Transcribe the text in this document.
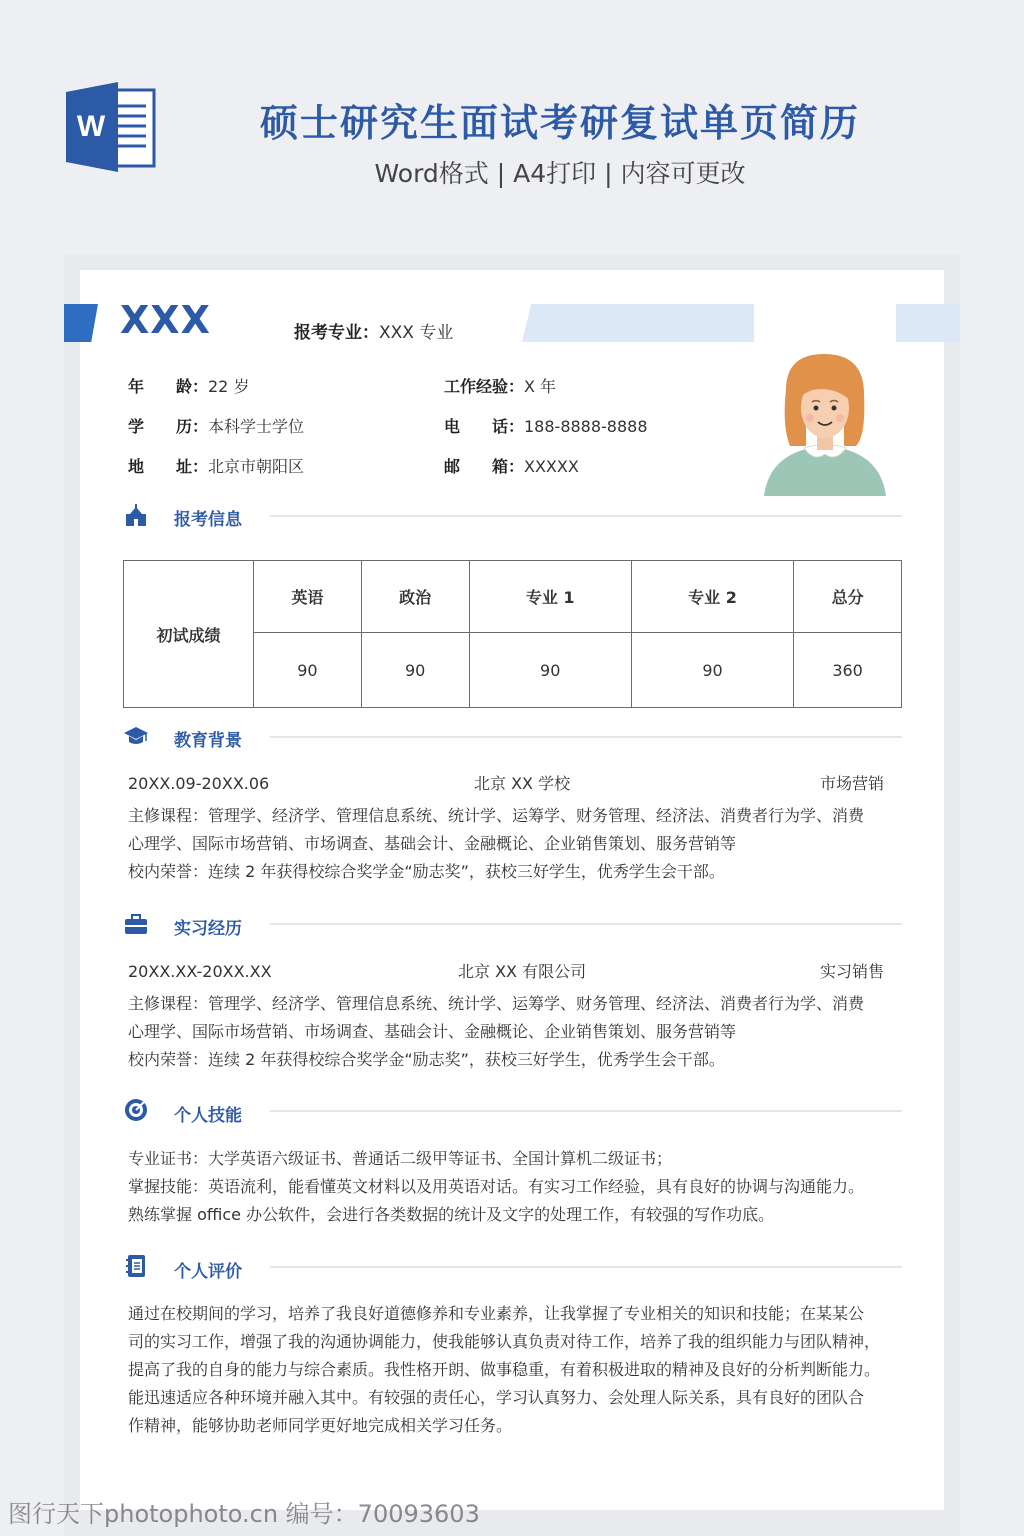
W	硕士研究生面试考研复试单页简历
Word格式 | A4打印 | 内容可更改
XXX	报考专业：XXX 专业
年　　龄：22 岁
学　　历：本科学士学位
地　　址：北京市朝阳区
工作经验：X 年
电　　话：188-8888-8888
邮　　箱：XXXXX
报考信息
初试成绩	英语	政治	专业 1	专业 2	总分
	90	90	90	90	360
教育背景
20XX.09-20XX.06	北京 XX 学校	市场营销
主修课程：管理学、经济学、管理信息系统、统计学、运筹学、财务管理、经济法、消费者行为学、消费
心理学、国际市场营销、市场调查、基础会计、金融概论、企业销售策划、服务营销等
校内荣誉：连续 2 年获得校综合奖学金“励志奖”，获校三好学生，优秀学生会干部。
实习经历
20XX.XX-20XX.XX	北京 XX 有限公司	实习销售
主修课程：管理学、经济学、管理信息系统、统计学、运筹学、财务管理、经济法、消费者行为学、消费
心理学、国际市场营销、市场调查、基础会计、金融概论、企业销售策划、服务营销等
校内荣誉：连续 2 年获得校综合奖学金“励志奖”，获校三好学生，优秀学生会干部。
个人技能
专业证书：大学英语六级证书、普通话二级甲等证书、全国计算机二级证书；
掌握技能：英语流利，能看懂英文材料以及用英语对话。有实习工作经验，具有良好的协调与沟通能力。
熟练掌握 office 办公软件，会进行各类数据的统计及文字的处理工作，有较强的写作功底。
个人评价
通过在校期间的学习，培养了我良好道德修养和专业素养，让我掌握了专业相关的知识和技能；在某某公
司的实习工作，增强了我的沟通协调能力，使我能够认真负责对待工作，培养了我的组织能力与团队精神，
提高了我的自身的能力与综合素质。我性格开朗、做事稳重，有着积极进取的精神及良好的分析判断能力。
能迅速适应各种环境并融入其中。有较强的责任心，学习认真努力、会处理人际关系，具有良好的团队合
作精神，能够协助老师同学更好地完成相关学习任务。
图行天下photophoto.cn 编号：70093603
